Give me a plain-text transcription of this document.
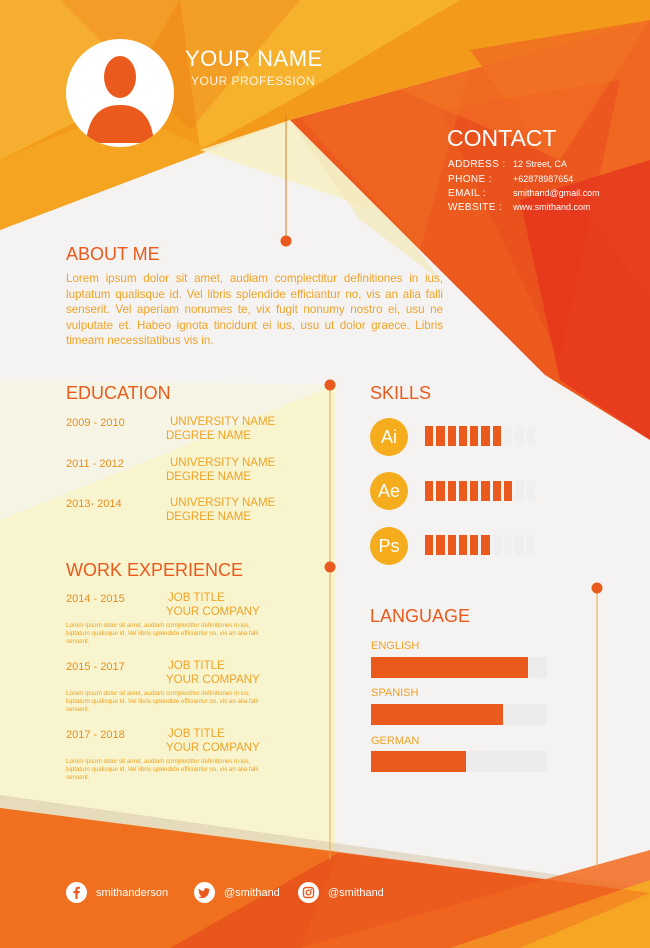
YOUR NAME
YOUR PROFESSION
CONTACT
ADDRESS : 12 Street, CA
PHONE : +62878987654
EMAIL :	smithand@gmail.com
WEBSITE : www.smithand.com
ABOUT ME
Lorem ipsum dolor sit amet, audiam complectitur definitiones in ius, luptatum qualisque id. Vel libris splendide efficiantur no, vis an alia falli senserit. Vel aperiam nonumes te, vix fugit nonumy nostro ei, usu ne vulputate et. Habeo ignota tincidunt ei ius, usu ut dolor graece. Libris timeam necessitatibus vis in.
EDUCATION
2009 - 2010	UNIVERSITY NAME
DEGREE NAME
2011 - 2012	UNIVERSITY NAME
DEGREE NAME
2013- 2014	UNIVERSITY NAME
DEGREE NAME
WORK EXPERIENCE
2014 - 2015	JOB TITLE
YOUR COMPANY
Lorem ipsum dolor sit amet, audiam complectitur definitiones in ius, luptatum qualisque id. Vel libris splendide efficiantur no, vis an alia falli senserit.
2015 - 2017	JOB TITLE
YOUR COMPANY
Lorem ipsum dolor sit amet, audiam complectitur definitiones in ius, luptatum qualisque id. Vel libris splendide efficiantur no, vis an alia falli senserit.
2017 - 2018	JOB TITLE
YOUR COMPANY
Lorem ipsum dolor sit amet, audiam complectitur definitiones in ius, luptatum qualisque id. Vel libris splendide efficiantur no, vis an alia falli senserit.
SKILLS
Ai
Ae
Ps
LANGUAGE
ENGLISH
SPANISH
GERMAN
smithanderson	@smithand	@smithand
